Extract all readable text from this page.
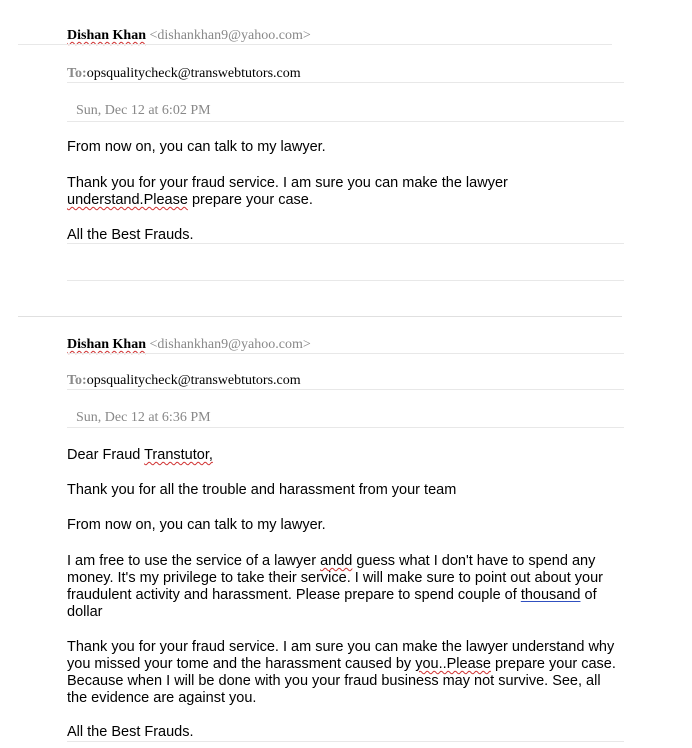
Dishan Khan <dishankhan9@yahoo.com>
To:opsqualitycheck@transwebtutors.com
Sun, Dec 12 at 6:02 PM

From now on, you can talk to my lawyer.

Thank you for your fraud service. I am sure you can make the lawyer
understand.Please prepare your case.

All the Best Frauds.

Dishan Khan <dishankhan9@yahoo.com>
To:opsqualitycheck@transwebtutors.com
Sun, Dec 12 at 6:36 PM

Dear Fraud Transtutor,

Thank you for all the trouble and harassment from your team

From now on, you can talk to my lawyer.

I am free to use the service of a lawyer andd guess what I don't have to spend any
money. It's my privilege to take their service. I will make sure to point out about your
fraudulent activity and harassment. Please prepare to spend couple of thousand of
dollar

Thank you for your fraud service. I am sure you can make the lawyer understand why
you missed your tome and the harassment caused by you..Please prepare your case.
Because when I will be done with you your fraud business may not survive. See, all
the evidence are against you.

All the Best Frauds.
